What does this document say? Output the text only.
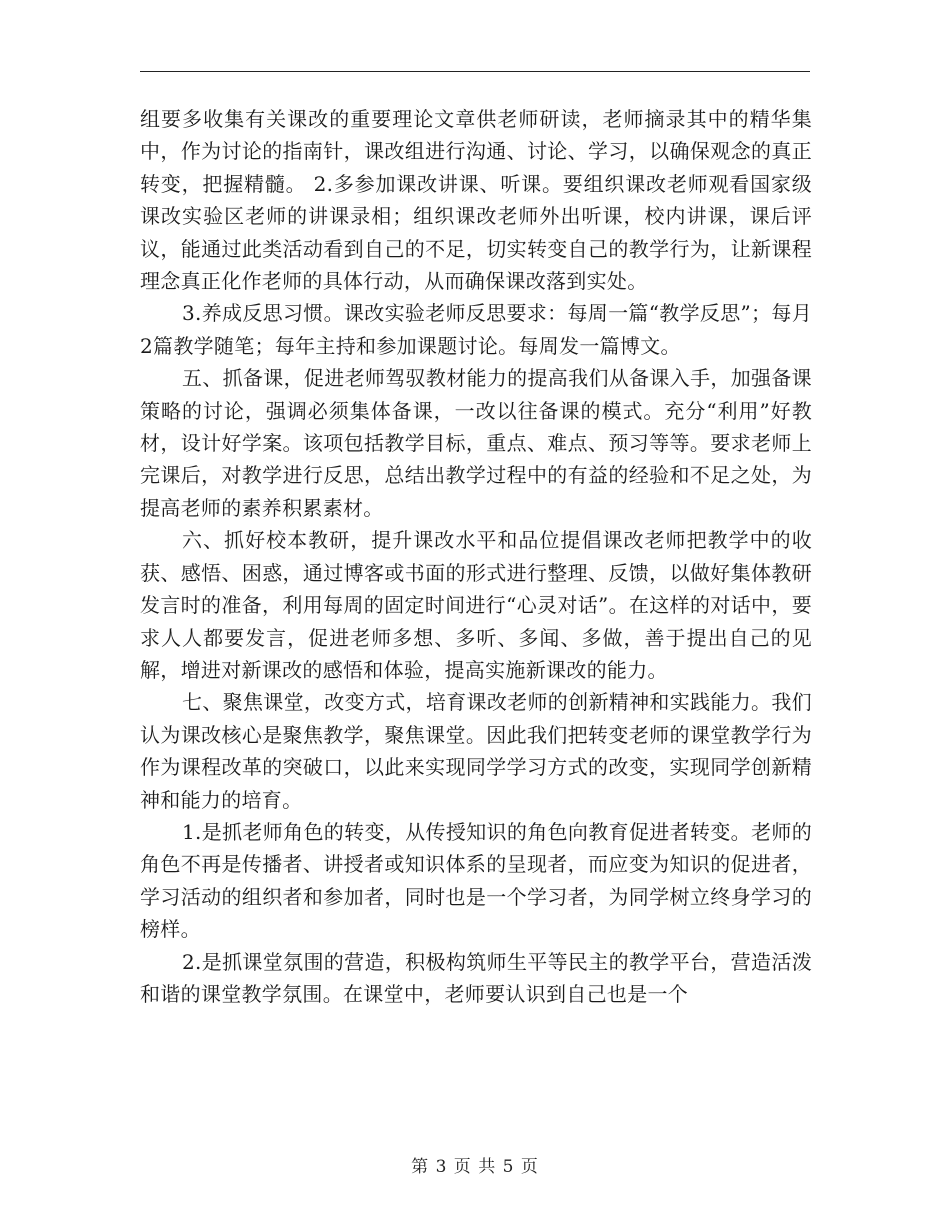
组要多收集有关课改的重要理论文章供老师研读，老师摘录其中的精华集中，作为讨论的指南针，课改组进行沟通、讨论、学习，以确保观念的真正转变，把握精髓。 2.多参加课改讲课、听课。要组织课改老师观看国家级课改实验区老师的讲课录相；组织课改老师外出听课，校内讲课，课后评议，能通过此类活动看到自己的不足，切实转变自己的教学行为，让新课程理念真正化作老师的具体行动，从而确保课改落到实处。

3.养成反思习惯。课改实验老师反思要求：每周一篇“教学反思”；每月2篇教学随笔；每年主持和参加课题讨论。每周发一篇博文。

五、抓备课，促进老师驾驭教材能力的提高我们从备课入手，加强备课策略的讨论，强调必须集体备课，一改以往备课的模式。充分“利用”好教材，设计好学案。该项包括教学目标，重点、难点、预习等等。要求老师上完课后，对教学进行反思，总结出教学过程中的有益的经验和不足之处，为提高老师的素养积累素材。

六、抓好校本教研，提升课改水平和品位提倡课改老师把教学中的收获、感悟、困惑，通过博客或书面的形式进行整理、反馈，以做好集体教研发言时的准备，利用每周的固定时间进行“心灵对话”。在这样的对话中，要求人人都要发言，促进老师多想、多听、多闻、多做，善于提出自己的见解，增进对新课改的感悟和体验，提高实施新课改的能力。

七、聚焦课堂，改变方式，培育课改老师的创新精神和实践能力。我们认为课改核心是聚焦教学，聚焦课堂。因此我们把转变老师的课堂教学行为作为课程改革的突破口，以此来实现同学学习方式的改变，实现同学创新精神和能力的培育。

1.是抓老师角色的转变，从传授知识的角色向教育促进者转变。老师的角色不再是传播者、讲授者或知识体系的呈现者，而应变为知识的促进者，学习活动的组织者和参加者，同时也是一个学习者，为同学树立终身学习的榜样。

2.是抓课堂氛围的营造，积极构筑师生平等民主的教学平台，营造活泼和谐的课堂教学氛围。在课堂中，老师要认识到自己也是一个

第 3 页 共 5 页
